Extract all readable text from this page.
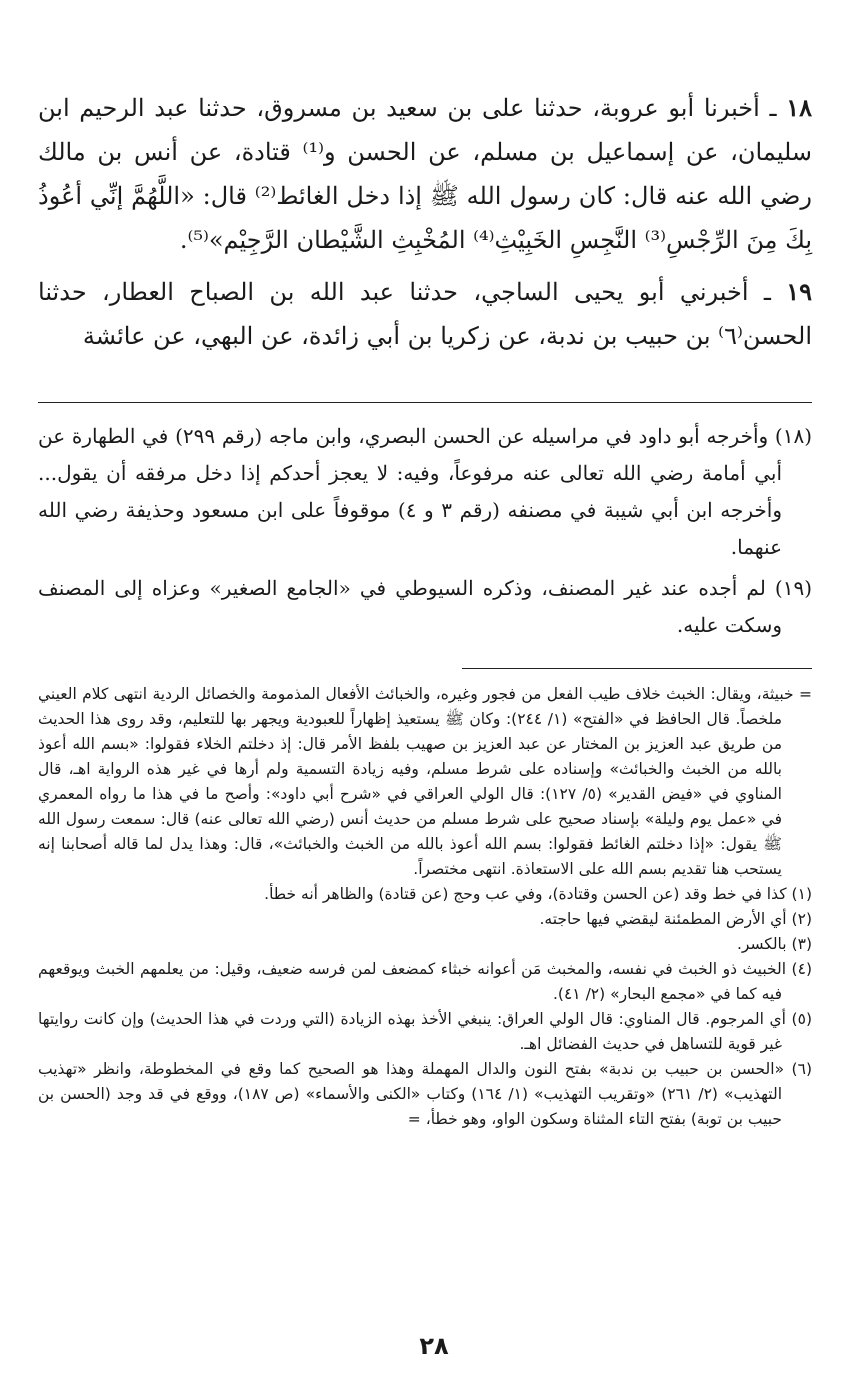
١٨ ـ أخبرنا أبو عروبة، حدثنا على بن سعيد بن مسروق، حدثنا عبد الرحيم ابن سليمان، عن إسماعيل بن مسلم، عن الحسن و⁽¹⁾ قتادة، عن أنس بن مالك رضي الله عنه قال: كان رسول الله ﷺ إذا دخل الغائط⁽²⁾ قال: «اللَّهُمَّ إنِّي أعُوذُ بِكَ مِنَ الرِّجْسِ⁽³⁾ النَّجِسِ الخَبِيْثِ⁽⁴⁾ المُخْبِثِ الشَّيْطان الرَّجِيْم»⁽⁵⁾.

١٩ ـ أخبرني أبو يحيى الساجي، حدثنا عبد الله بن الصباح العطار، حدثنا الحسن⁽٦⁾ بن حبيب بن ندبة، عن زكريا بن أبي زائدة، عن البهي، عن عائشة

(١٨) وأخرجه أبو داود في مراسيله عن الحسن البصري، وابن ماجه (رقم ٢٩٩) في الطهارة عن أبي أمامة رضي الله تعالى عنه مرفوعاً، وفيه: لا يعجز أحدكم إذا دخل مرفقه أن يقول... وأخرجه ابن أبي شيبة في مصنفه (رقم ٣ و ٤) موقوفاً على ابن مسعود وحذيفة رضي الله عنهما.

(١٩) لم أجده عند غير المصنف، وذكره السيوطي في «الجامع الصغير» وعزاه إلى المصنف وسكت عليه.

= خبيثة، ويقال: الخبث خلاف طيب الفعل من فجور وغيره، والخبائث الأفعال المذمومة والخصائل الردية انتهى كلام العيني ملخصاً. قال الحافظ في «الفتح» (١/ ٢٤٤): وكان ﷺ يستعيذ إظهاراً للعبودية ويجهر بها للتعليم، وقد روى هذا الحديث من طريق عبد العزيز بن المختار عن عبد العزيز بن صهيب بلفظ الأمر قال: إذ دخلتم الخلاء فقولوا: «بسم الله أعوذ بالله من الخبث والخبائث» وإسناده على شرط مسلم، وفيه زيادة التسمية ولم أرها في غير هذه الرواية اهـ، قال المناوي في «فيض القدير» (٥/ ١٢٧): قال الولي العراقي في «شرح أبي داود»: وأصح ما في هذا ما رواه المعمري في «عمل يوم وليلة» بإسناد صحيح على شرط مسلم من حديث أنس (رضي الله تعالى عنه) قال: سمعت رسول الله ﷺ يقول: «إذا دخلتم الغائط فقولوا: بسم الله أعوذ بالله من الخبث والخبائث»، قال: وهذا يدل لما قاله أصحابنا إنه يستحب هنا تقديم بسم الله على الاستعاذة. انتهى مختصراً.

(١) كذا في خط وقد (عن الحسن وقتادة)، وفي عب وحج (عن قتادة) والظاهر أنه خطأ.

(٢) أي الأرض المطمئنة ليقضي فيها حاجته.

(٣) بالكسر.

(٤) الخبيث ذو الخبث في نفسه، والمخبث مَن أعوانه خبثاء كمضعف لمن فرسه ضعيف، وقيل: من يعلمهم الخبث ويوقعهم فيه كما في «مجمع البحار» (٢/ ٤١).

(٥) أي المرجوم. قال المناوي: قال الولي العراق: ينبغي الأخذ بهذه الزيادة (التي وردت في هذا الحديث) وإن كانت روايتها غير قوية للتساهل في حديث الفضائل اهـ.

(٦) «الحسن بن حبيب بن ندبة» بفتح النون والدال المهملة وهذا هو الصحيح كما وقع في المخطوطة، وانظر «تهذيب التهذيب» (٢/ ٢٦١) «وتقريب التهذيب» (١/ ١٦٤) وكتاب «الكنى والأسماء» (ص ١٨٧)، ووقع في قد وجد (الحسن بن حبيب بن توبة) بفتح التاء المثناة وسكون الواو، وهو خطأ، =

٢٨
